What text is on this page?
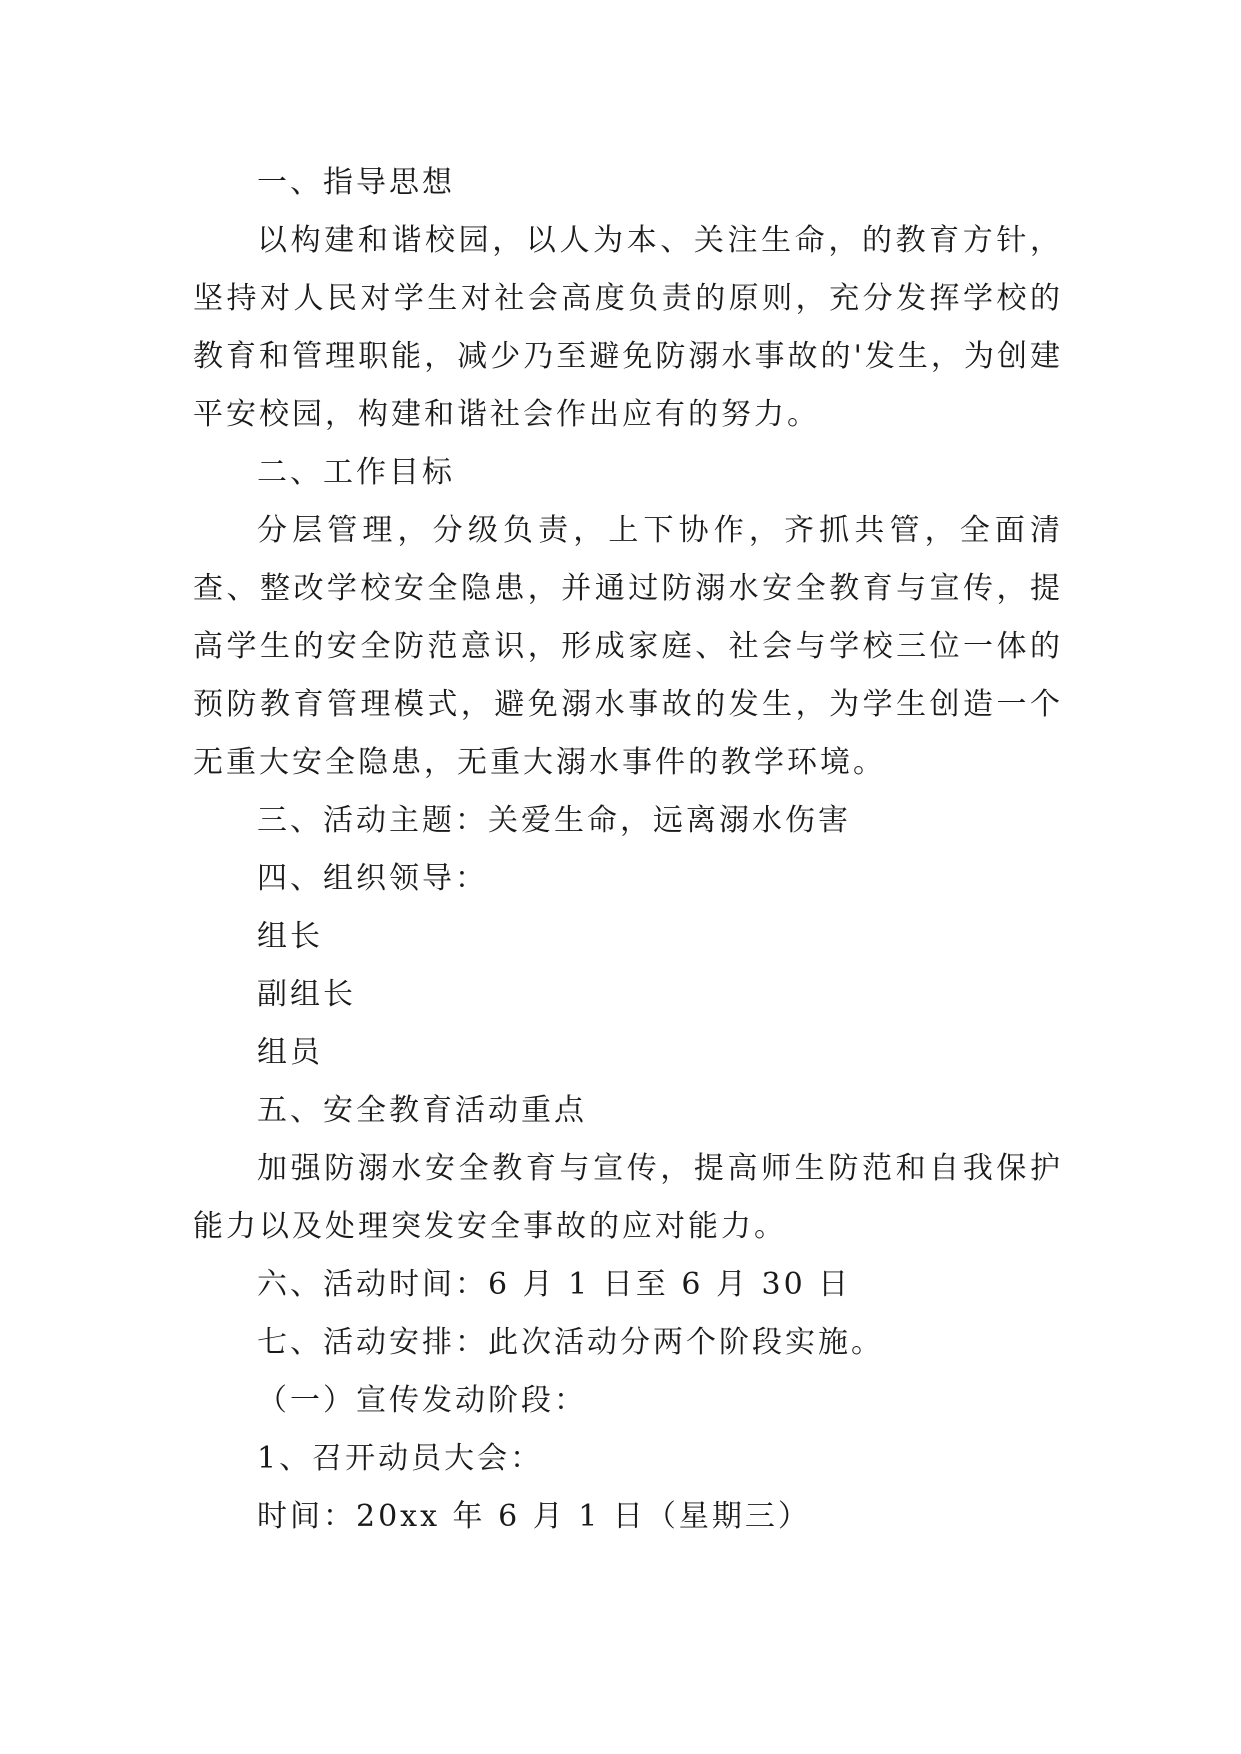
一、指导思想

以构建和谐校园，以人为本、关注生命，的教育方针，坚持对人民对学生对社会高度负责的原则，充分发挥学校的教育和管理职能，减少乃至避免防溺水事故的'发生，为创建平安校园，构建和谐社会作出应有的努力。

二、工作目标

分层管理，分级负责，上下协作，齐抓共管，全面清查、整改学校安全隐患，并通过防溺水安全教育与宣传，提高学生的安全防范意识，形成家庭、社会与学校三位一体的预防教育管理模式，避免溺水事故的发生，为学生创造一个无重大安全隐患，无重大溺水事件的教学环境。

三、活动主题：关爱生命，远离溺水伤害

四、组织领导：

组长

副组长

组员

五、安全教育活动重点

加强防溺水安全教育与宣传，提高师生防范和自我保护能力以及处理突发安全事故的应对能力。

六、活动时间：6 月 1 日至 6 月 30 日

七、活动安排：此次活动分两个阶段实施。

（一）宣传发动阶段：

1、召开动员大会：

时间：20xx 年 6 月 1 日（星期三）
